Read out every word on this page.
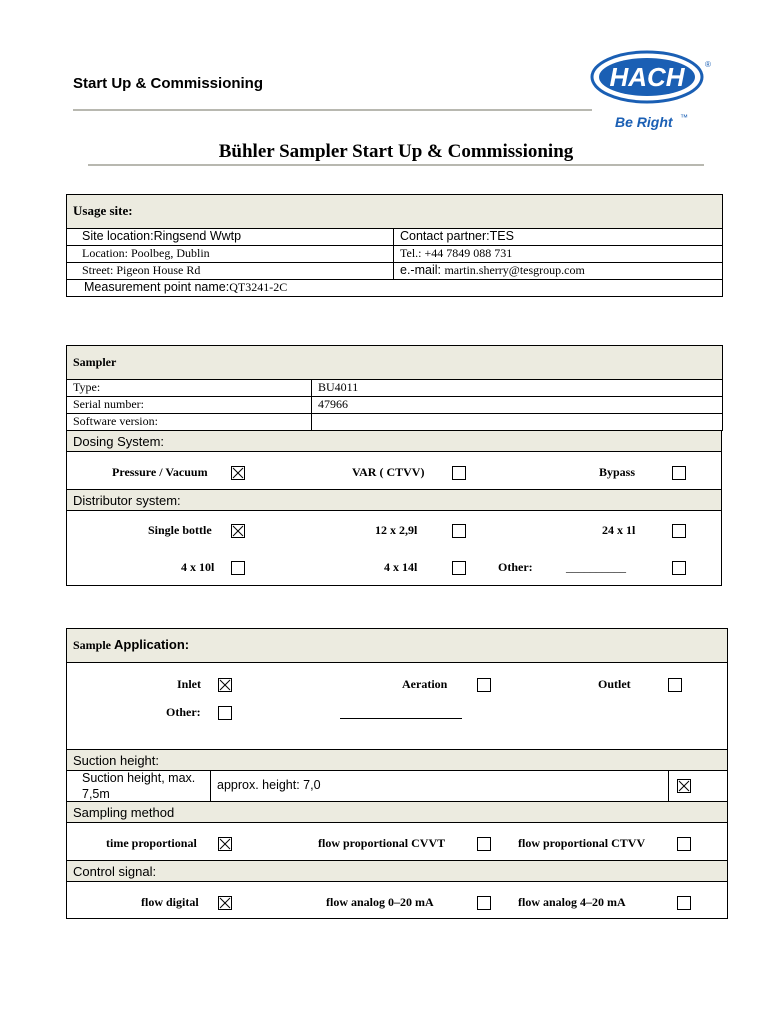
Start Up & Commissioning	HACH	®
Be Right ™
Bühler Sampler Start Up & Commissioning
Usage site:	
Site location:Ringsend Wwtp	Contact partner:TES
Location: Poolbeg, Dublin	Tel.: +44 7849 088 731
Street: Pigeon House Rd	e.-mail: martin.sherry@tesgroup.com
Measurement point name:QT3241-2C	
Sampler	
Type:	BU4011
Serial number:	47966
Software version:	
Dosing System:
Pressure / Vacuum	VAR ( CTVV)	Bypass
Distributor system:
Single bottle	12 x 2,9l	24 x 1l
4 x 10l	4 x 14l	Other:	__________
Sample Application:
Inlet	Aeration	Outlet
Other:
Suction height:
Suction height, max. 7,5m
approx. height: 7,0
Sampling method
time proportional	flow proportional CVVT	flow proportional CTVV
Control signal:
flow digital	flow analog 0–20 mA	flow analog 4–20 mA
